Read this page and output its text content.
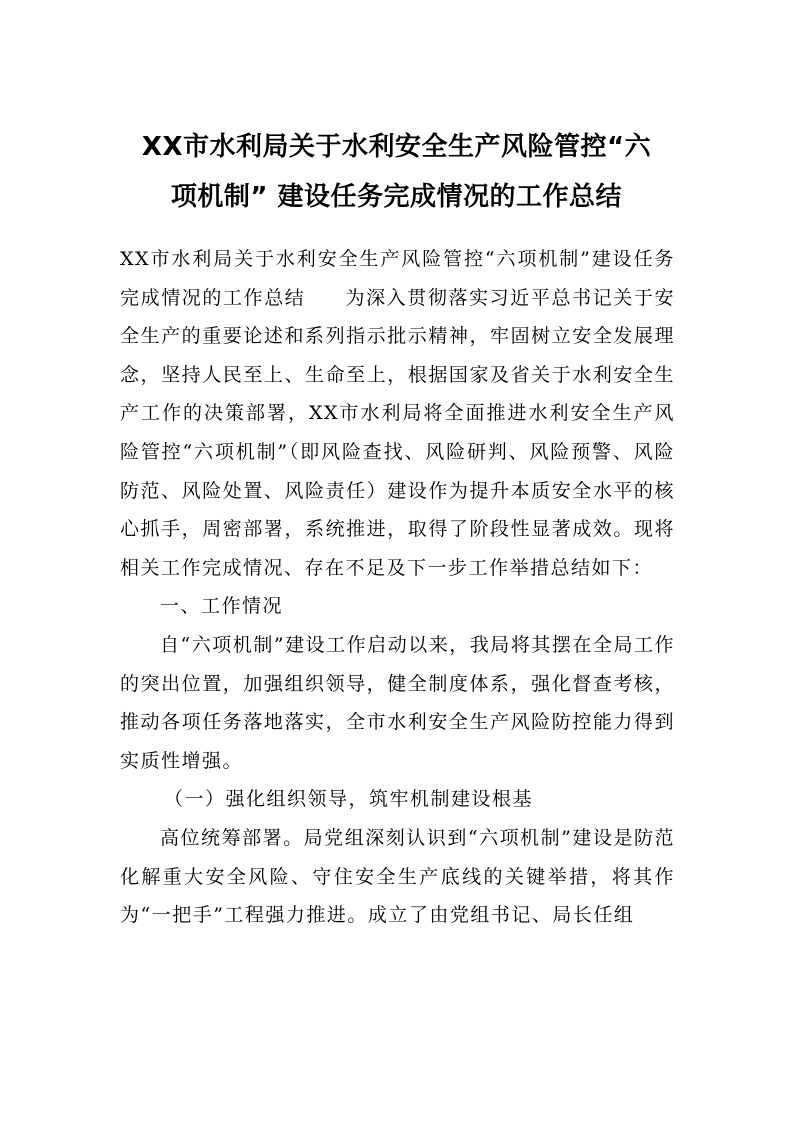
XX市水利局关于水利安全生产风险管控“六
项机制” 建设任务完成情况的工作总结

XX市水利局关于水利安全生产风险管控“六项机制”建设任务完成情况的工作总结 为深入贯彻落实习近平总书记关于安全生产的重要论述和系列指示批示精神，牢固树立安全发展理念，坚持人民至上、生命至上，根据国家及省关于水利安全生产工作的决策部署，XX市水利局将全面推进水利安全生产风险管控“六项机制”（即风险查找、风险研判、风险预警、风险防范、风险处置、风险责任）建设作为提升本质安全水平的核心抓手，周密部署，系统推进，取得了阶段性显著成效。现将相关工作完成情况、存在不足及下一步工作举措总结如下：

一、工作情况

自“六项机制”建设工作启动以来，我局将其摆在全局工作的突出位置，加强组织领导，健全制度体系，强化督查考核，推动各项任务落地落实，全市水利安全生产风险防控能力得到实质性增强。

（一）强化组织领导，筑牢机制建设根基

高位统筹部署。局党组深刻认识到“六项机制”建设是防范化解重大安全风险、守住安全生产底线的关键举措，将其作为“一把手”工程强力推进。成立了由党组书记、局长任组
